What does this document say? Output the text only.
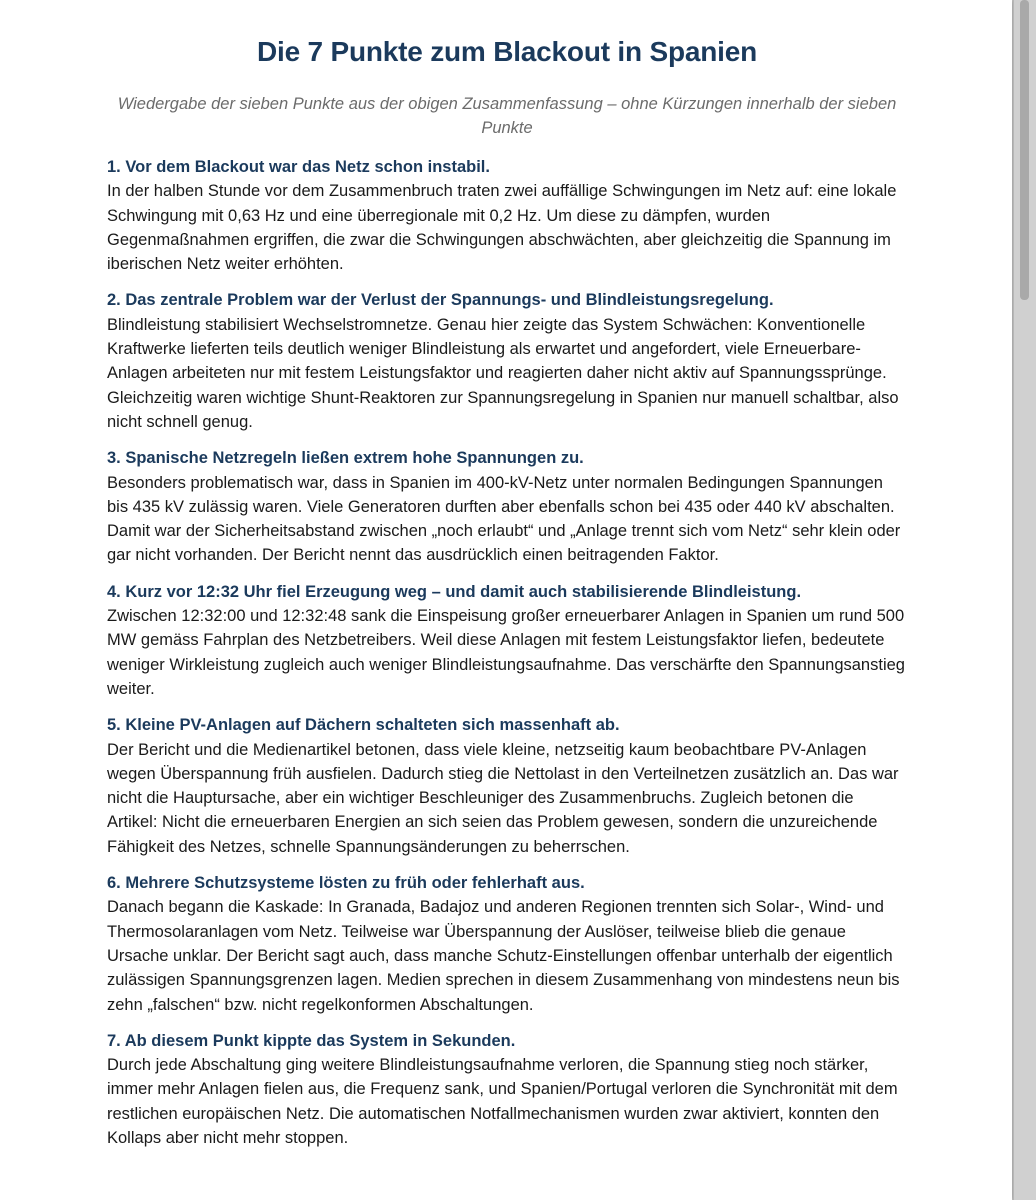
Die 7 Punkte zum Blackout in Spanien

Wiedergabe der sieben Punkte aus der obigen Zusammenfassung – ohne Kürzungen innerhalb der sieben Punkte

1. Vor dem Blackout war das Netz schon instabil.
In der halben Stunde vor dem Zusammenbruch traten zwei auffällige Schwingungen im Netz auf: eine lokale Schwingung mit 0,63 Hz und eine überregionale mit 0,2 Hz. Um diese zu dämpfen, wurden Gegenmaßnahmen ergriffen, die zwar die Schwingungen abschwächten, aber gleichzeitig die Spannung im iberischen Netz weiter erhöhten.
2. Das zentrale Problem war der Verlust der Spannungs- und Blindleistungsregelung.
Blindleistung stabilisiert Wechselstromnetze. Genau hier zeigte das System Schwächen: Konventionelle Kraftwerke lieferten teils deutlich weniger Blindleistung als erwartet und angefordert, viele Erneuerbare-Anlagen arbeiteten nur mit festem Leistungsfaktor und reagierten daher nicht aktiv auf Spannungssprünge. Gleichzeitig waren wichtige Shunt-Reaktoren zur Spannungsregelung in Spanien nur manuell schaltbar, also nicht schnell genug.
3. Spanische Netzregeln ließen extrem hohe Spannungen zu.
Besonders problematisch war, dass in Spanien im 400-kV-Netz unter normalen Bedingungen Spannungen bis 435 kV zulässig waren. Viele Generatoren durften aber ebenfalls schon bei 435 oder 440 kV abschalten. Damit war der Sicherheitsabstand zwischen „noch erlaubt“ und „Anlage trennt sich vom Netz“ sehr klein oder gar nicht vorhanden. Der Bericht nennt das ausdrücklich einen beitragenden Faktor.
4. Kurz vor 12:32 Uhr fiel Erzeugung weg – und damit auch stabilisierende Blindleistung.
Zwischen 12:32:00 und 12:32:48 sank die Einspeisung großer erneuerbarer Anlagen in Spanien um rund 500 MW gemäss Fahrplan des Netzbetreibers. Weil diese Anlagen mit festem Leistungsfaktor liefen, bedeutete weniger Wirkleistung zugleich auch weniger Blindleistungsaufnahme. Das verschärfte den Spannungsanstieg weiter.
5. Kleine PV-Anlagen auf Dächern schalteten sich massenhaft ab.
Der Bericht und die Medienartikel betonen, dass viele kleine, netzseitig kaum beobachtbare PV-Anlagen wegen Überspannung früh ausfielen. Dadurch stieg die Nettolast in den Verteilnetzen zusätzlich an. Das war nicht die Hauptursache, aber ein wichtiger Beschleuniger des Zusammenbruchs. Zugleich betonen die Artikel: Nicht die erneuerbaren Energien an sich seien das Problem gewesen, sondern die unzureichende Fähigkeit des Netzes, schnelle Spannungsänderungen zu beherrschen.
6. Mehrere Schutzsysteme lösten zu früh oder fehlerhaft aus.
Danach begann die Kaskade: In Granada, Badajoz und anderen Regionen trennten sich Solar-, Wind- und Thermosolaranlagen vom Netz. Teilweise war Überspannung der Auslöser, teilweise blieb die genaue Ursache unklar. Der Bericht sagt auch, dass manche Schutz-Einstellungen offenbar unterhalb der eigentlich zulässigen Spannungsgrenzen lagen. Medien sprechen in diesem Zusammenhang von mindestens neun bis zehn „falschen“ bzw. nicht regelkonformen Abschaltungen.
7. Ab diesem Punkt kippte das System in Sekunden.
Durch jede Abschaltung ging weitere Blindleistungsaufnahme verloren, die Spannung stieg noch stärker, immer mehr Anlagen fielen aus, die Frequenz sank, und Spanien/Portugal verloren die Synchronität mit dem restlichen europäischen Netz. Die automatischen Notfallmechanismen wurden zwar aktiviert, konnten den Kollaps aber nicht mehr stoppen.
